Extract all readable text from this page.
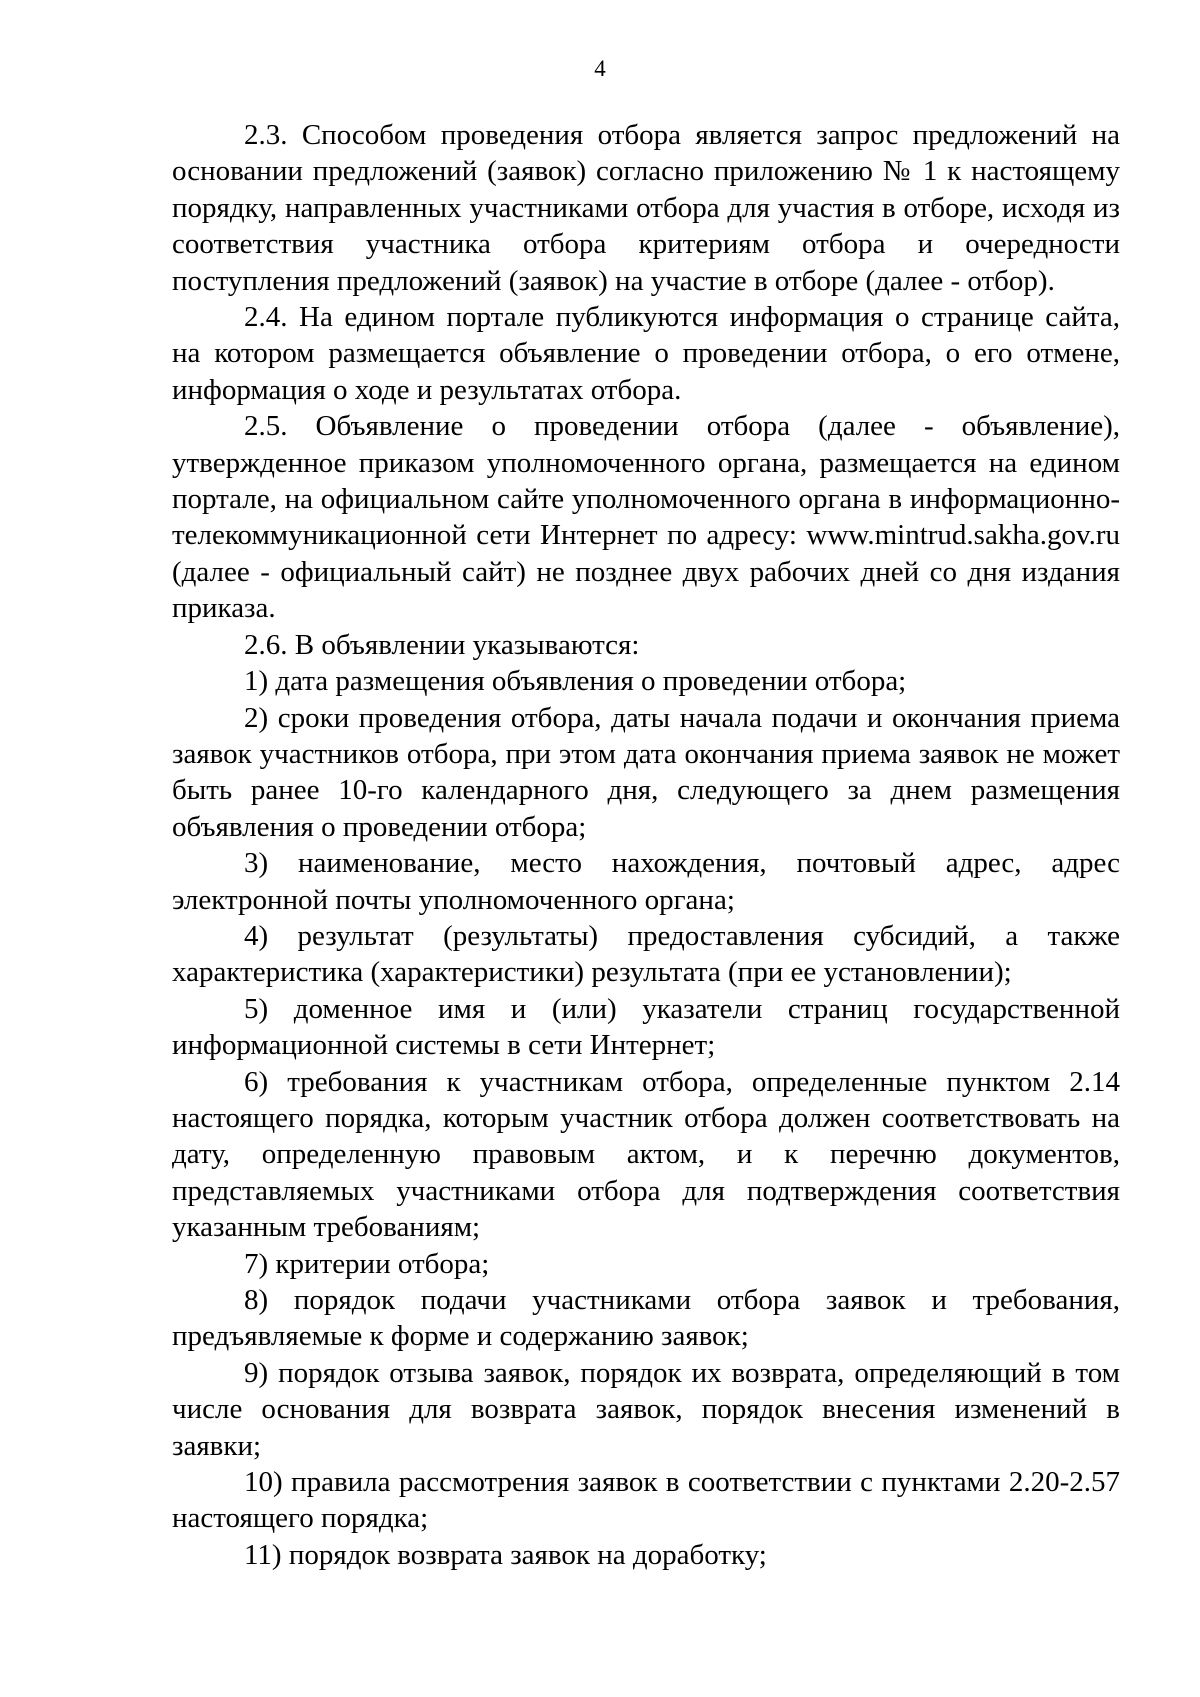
4

2.3. Способом проведения отбора является запрос предложений на основании предложений (заявок) согласно приложению № 1 к настоящему порядку, направленных участниками отбора для участия в отборе, исходя из соответствия участника отбора критериям отбора и очередности поступления предложений (заявок) на участие в отборе (далее - отбор).

2.4. На едином портале публикуются информация о странице сайта, на котором размещается объявление о проведении отбора, о его отмене, информация о ходе и результатах отбора.

2.5. Объявление о проведении отбора (далее - объявление), утвержденное приказом уполномоченного органа, размещается на едином портале, на официальном сайте уполномоченного органа в информационно-телекоммуникационной сети Интернет по адресу: www.mintrud.sakha.gov.ru (далее - официальный сайт) не позднее двух рабочих дней со дня издания приказа.

2.6. В объявлении указываются:

1) дата размещения объявления о проведении отбора;

2) сроки проведения отбора, даты начала подачи и окончания приема заявок участников отбора, при этом дата окончания приема заявок не может быть ранее 10-го календарного дня, следующего за днем размещения объявления о проведении отбора;

3) наименование, место нахождения, почтовый адрес, адрес электронной почты уполномоченного органа;

4) результат (результаты) предоставления субсидий, а также характеристика (характеристики) результата (при ее установлении);

5) доменное имя и (или) указатели страниц государственной информационной системы в сети Интернет;

6) требования к участникам отбора, определенные пунктом 2.14 настоящего порядка, которым участник отбора должен соответствовать на дату, определенную правовым актом, и к перечню документов, представляемых участниками отбора для подтверждения соответствия указанным требованиям;

7) критерии отбора;

8) порядок подачи участниками отбора заявок и требования, предъявляемые к форме и содержанию заявок;

9) порядок отзыва заявок, порядок их возврата, определяющий в том числе основания для возврата заявок, порядок внесения изменений в заявки;

10) правила рассмотрения заявок в соответствии с пунктами 2.20-2.57 настоящего порядка;

11) порядок возврата заявок на доработку;
